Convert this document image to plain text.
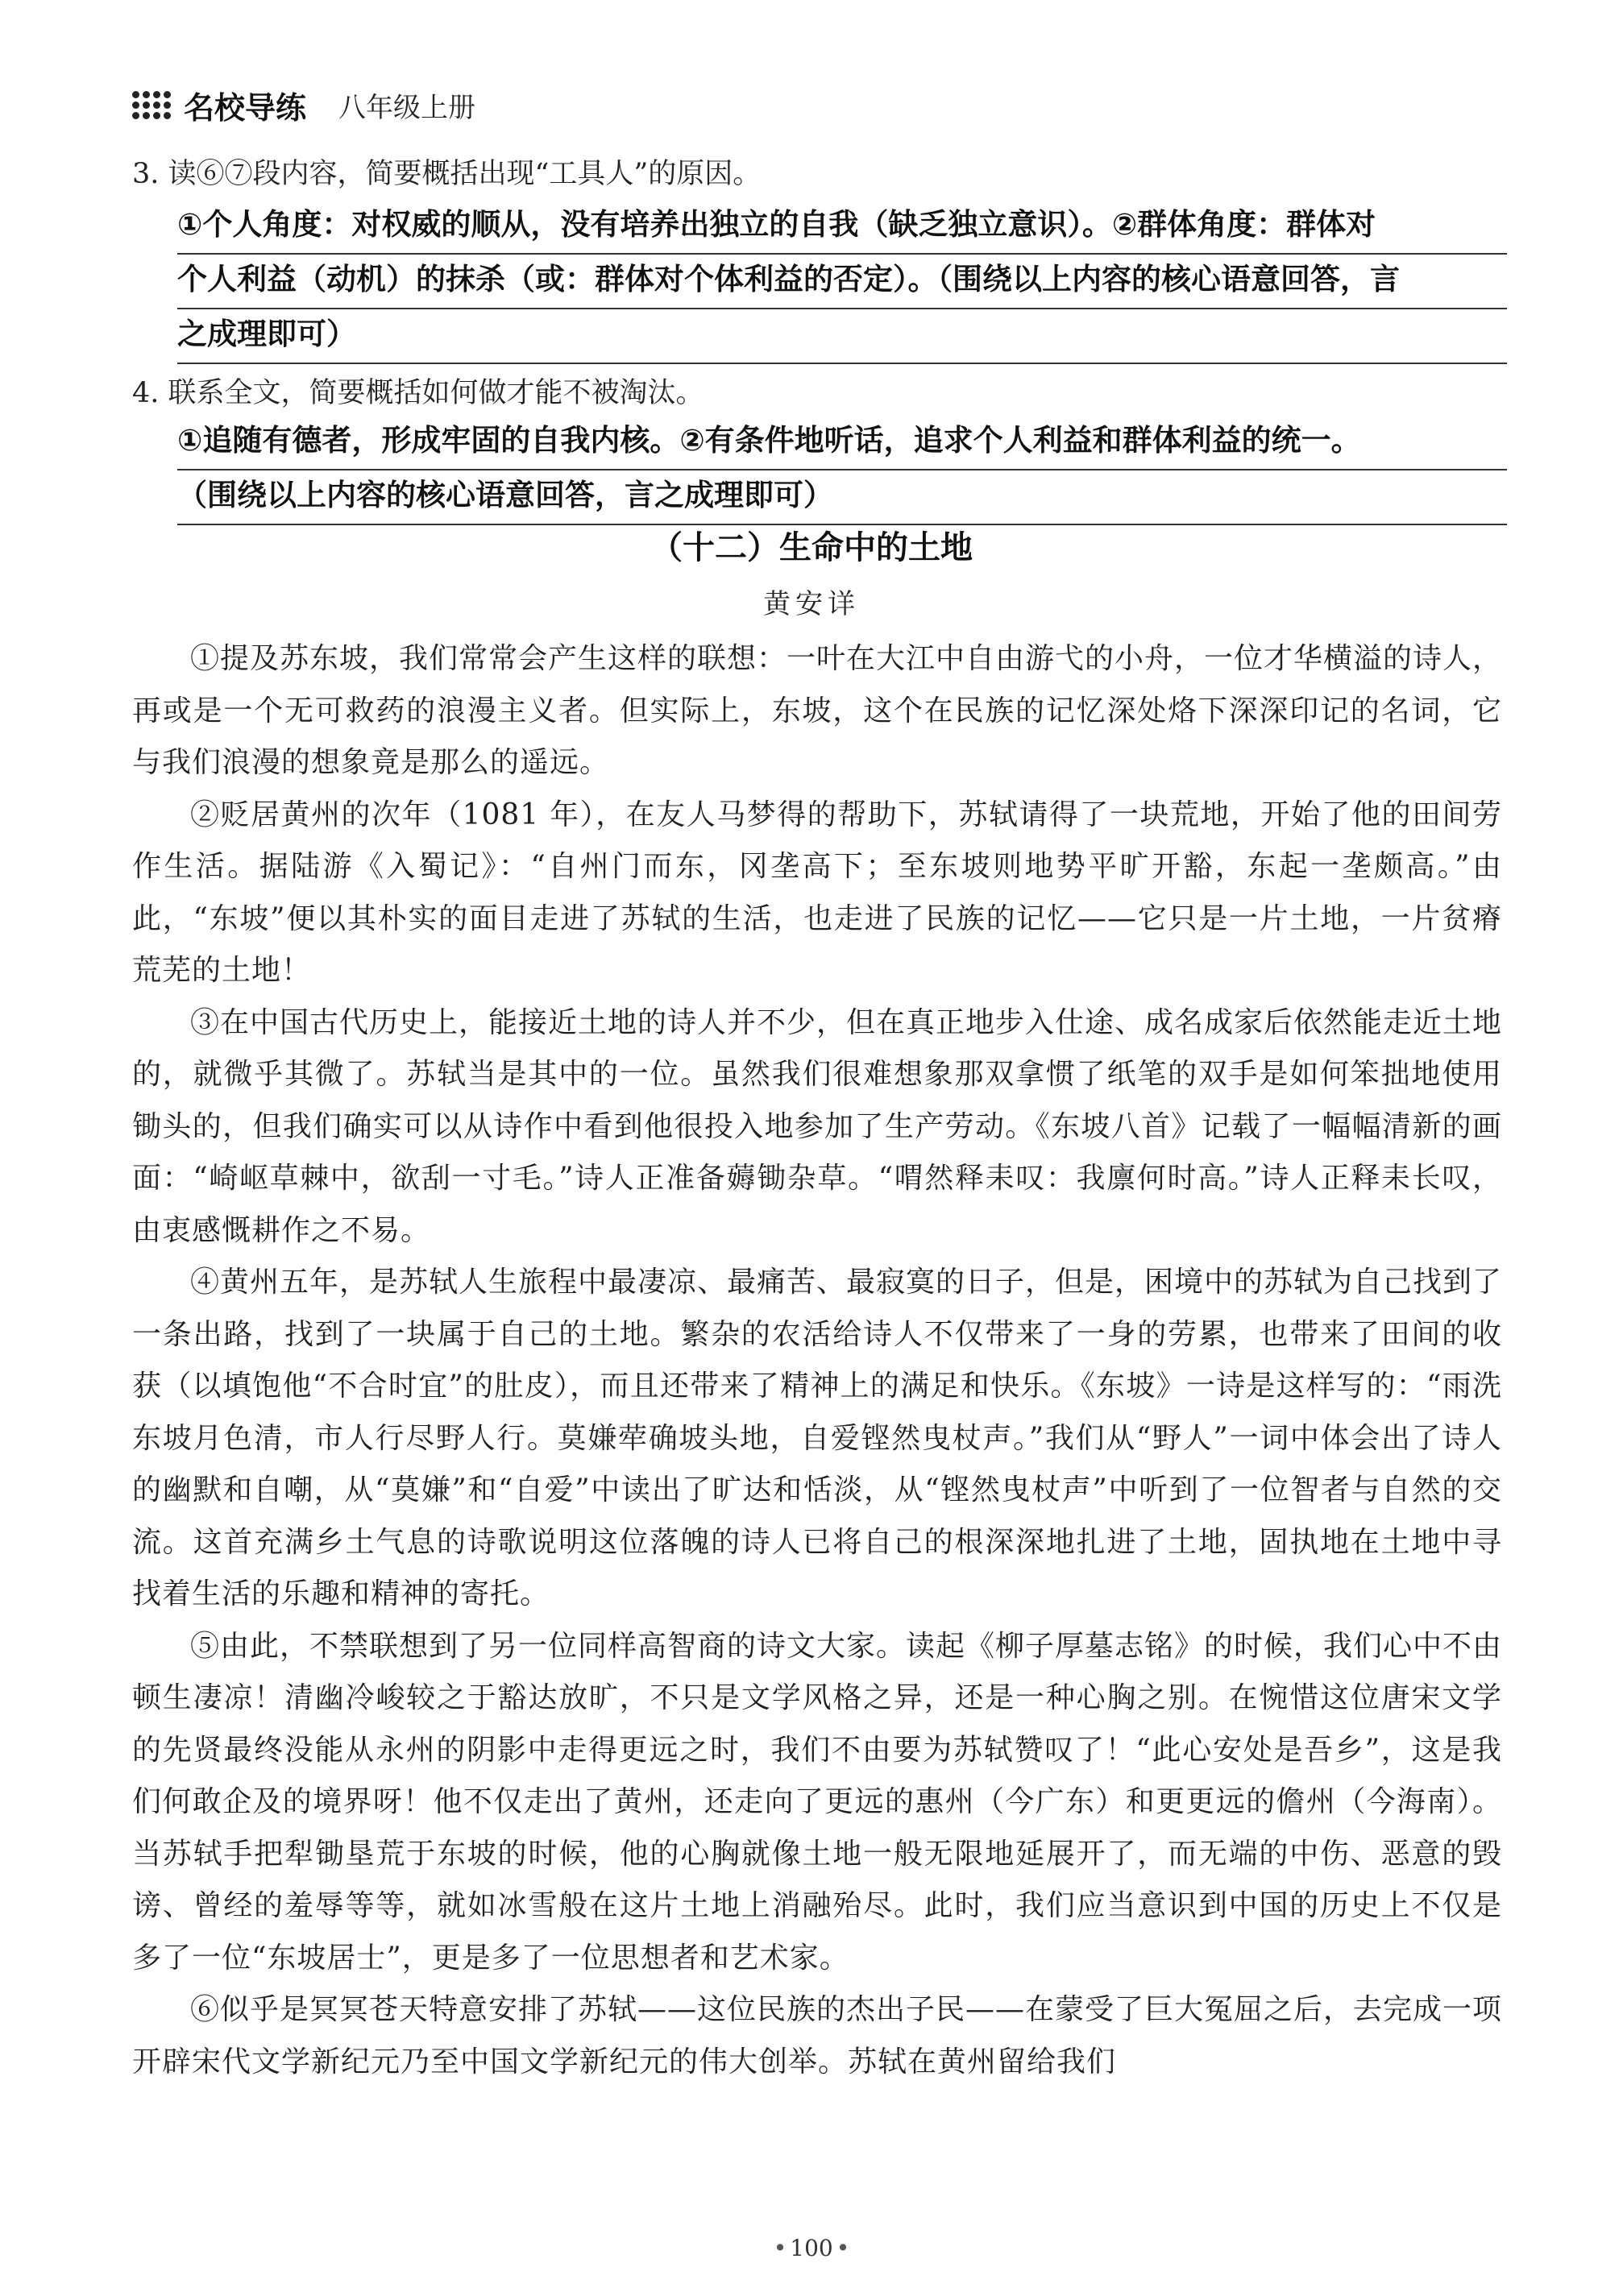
名校导练 八年级上册
3. 读⑥⑦段内容，简要概括出现“工具人”的原因。
①个人角度：对权威的顺从，没有培养出独立的自我（缺乏独立意识）。②群体角度：群体对
个人利益（动机）的抹杀（或：群体对个体利益的否定）。（围绕以上内容的核心语意回答，言
之成理即可）
4. 联系全文，简要概括如何做才能不被淘汰。
①追随有德者，形成牢固的自我内核。②有条件地听话，追求个人利益和群体利益的统一。
（围绕以上内容的核心语意回答，言之成理即可）
（十二）生命中的土地
黄安详

①提及苏东坡，我们常常会产生这样的联想：一叶在大江中自由游弋的小舟，一位才华横溢的诗人，再或是一个无可救药的浪漫主义者。但实际上，东坡，这个在民族的记忆深处烙下深深印记的名词，它与我们浪漫的想象竟是那么的遥远。

②贬居黄州的次年（1081 年），在友人马梦得的帮助下，苏轼请得了一块荒地，开始了他的田间劳作生活。据陆游《入蜀记》：“自州门而东，冈垄高下；至东坡则地势平旷开豁，东起一垄颇高。”由此，“东坡”便以其朴实的面目走进了苏轼的生活，也走进了民族的记忆——它只是一片土地，一片贫瘠荒芜的土地！

③在中国古代历史上，能接近土地的诗人并不少，但在真正地步入仕途、成名成家后依然能走近土地的，就微乎其微了。苏轼当是其中的一位。虽然我们很难想象那双拿惯了纸笔的双手是如何笨拙地使用锄头的，但我们确实可以从诗作中看到他很投入地参加了生产劳动。《东坡八首》记载了一幅幅清新的画面：“崎岖草棘中，欲刮一寸毛。”诗人正准备薅锄杂草。“喟然释耒叹：我廪何时高。”诗人正释耒长叹，由衷感慨耕作之不易。

④黄州五年，是苏轼人生旅程中最凄凉、最痛苦、最寂寞的日子，但是，困境中的苏轼为自己找到了一条出路，找到了一块属于自己的土地。繁杂的农活给诗人不仅带来了一身的劳累，也带来了田间的收获（以填饱他“不合时宜”的肚皮），而且还带来了精神上的满足和快乐。《东坡》一诗是这样写的：“雨洗东坡月色清，市人行尽野人行。莫嫌荦确坡头地，自爱铿然曳杖声。”我们从“野人”一词中体会出了诗人的幽默和自嘲，从“莫嫌”和“自爱”中读出了旷达和恬淡，从“铿然曳杖声”中听到了一位智者与自然的交流。这首充满乡土气息的诗歌说明这位落魄的诗人已将自己的根深深地扎进了土地，固执地在土地中寻找着生活的乐趣和精神的寄托。

⑤由此，不禁联想到了另一位同样高智商的诗文大家。读起《柳子厚墓志铭》的时候，我们心中不由顿生凄凉！清幽冷峻较之于豁达放旷，不只是文学风格之异，还是一种心胸之别。在惋惜这位唐宋文学的先贤最终没能从永州的阴影中走得更远之时，我们不由要为苏轼赞叹了！“此心安处是吾乡”，这是我们何敢企及的境界呀！他不仅走出了黄州，还走向了更远的惠州（今广东）和更更远的儋州（今海南）。当苏轼手把犁锄垦荒于东坡的时候，他的心胸就像土地一般无限地延展开了，而无端的中伤、恶意的毁谤、曾经的羞辱等等，就如冰雪般在这片土地上消融殆尽。此时，我们应当意识到中国的历史上不仅是多了一位“东坡居士”，更是多了一位思想者和艺术家。

⑥似乎是冥冥苍天特意安排了苏轼——这位民族的杰出子民——在蒙受了巨大冤屈之后，去完成一项开辟宋代文学新纪元乃至中国文学新纪元的伟大创举。苏轼在黄州留给我们

• 100 •
